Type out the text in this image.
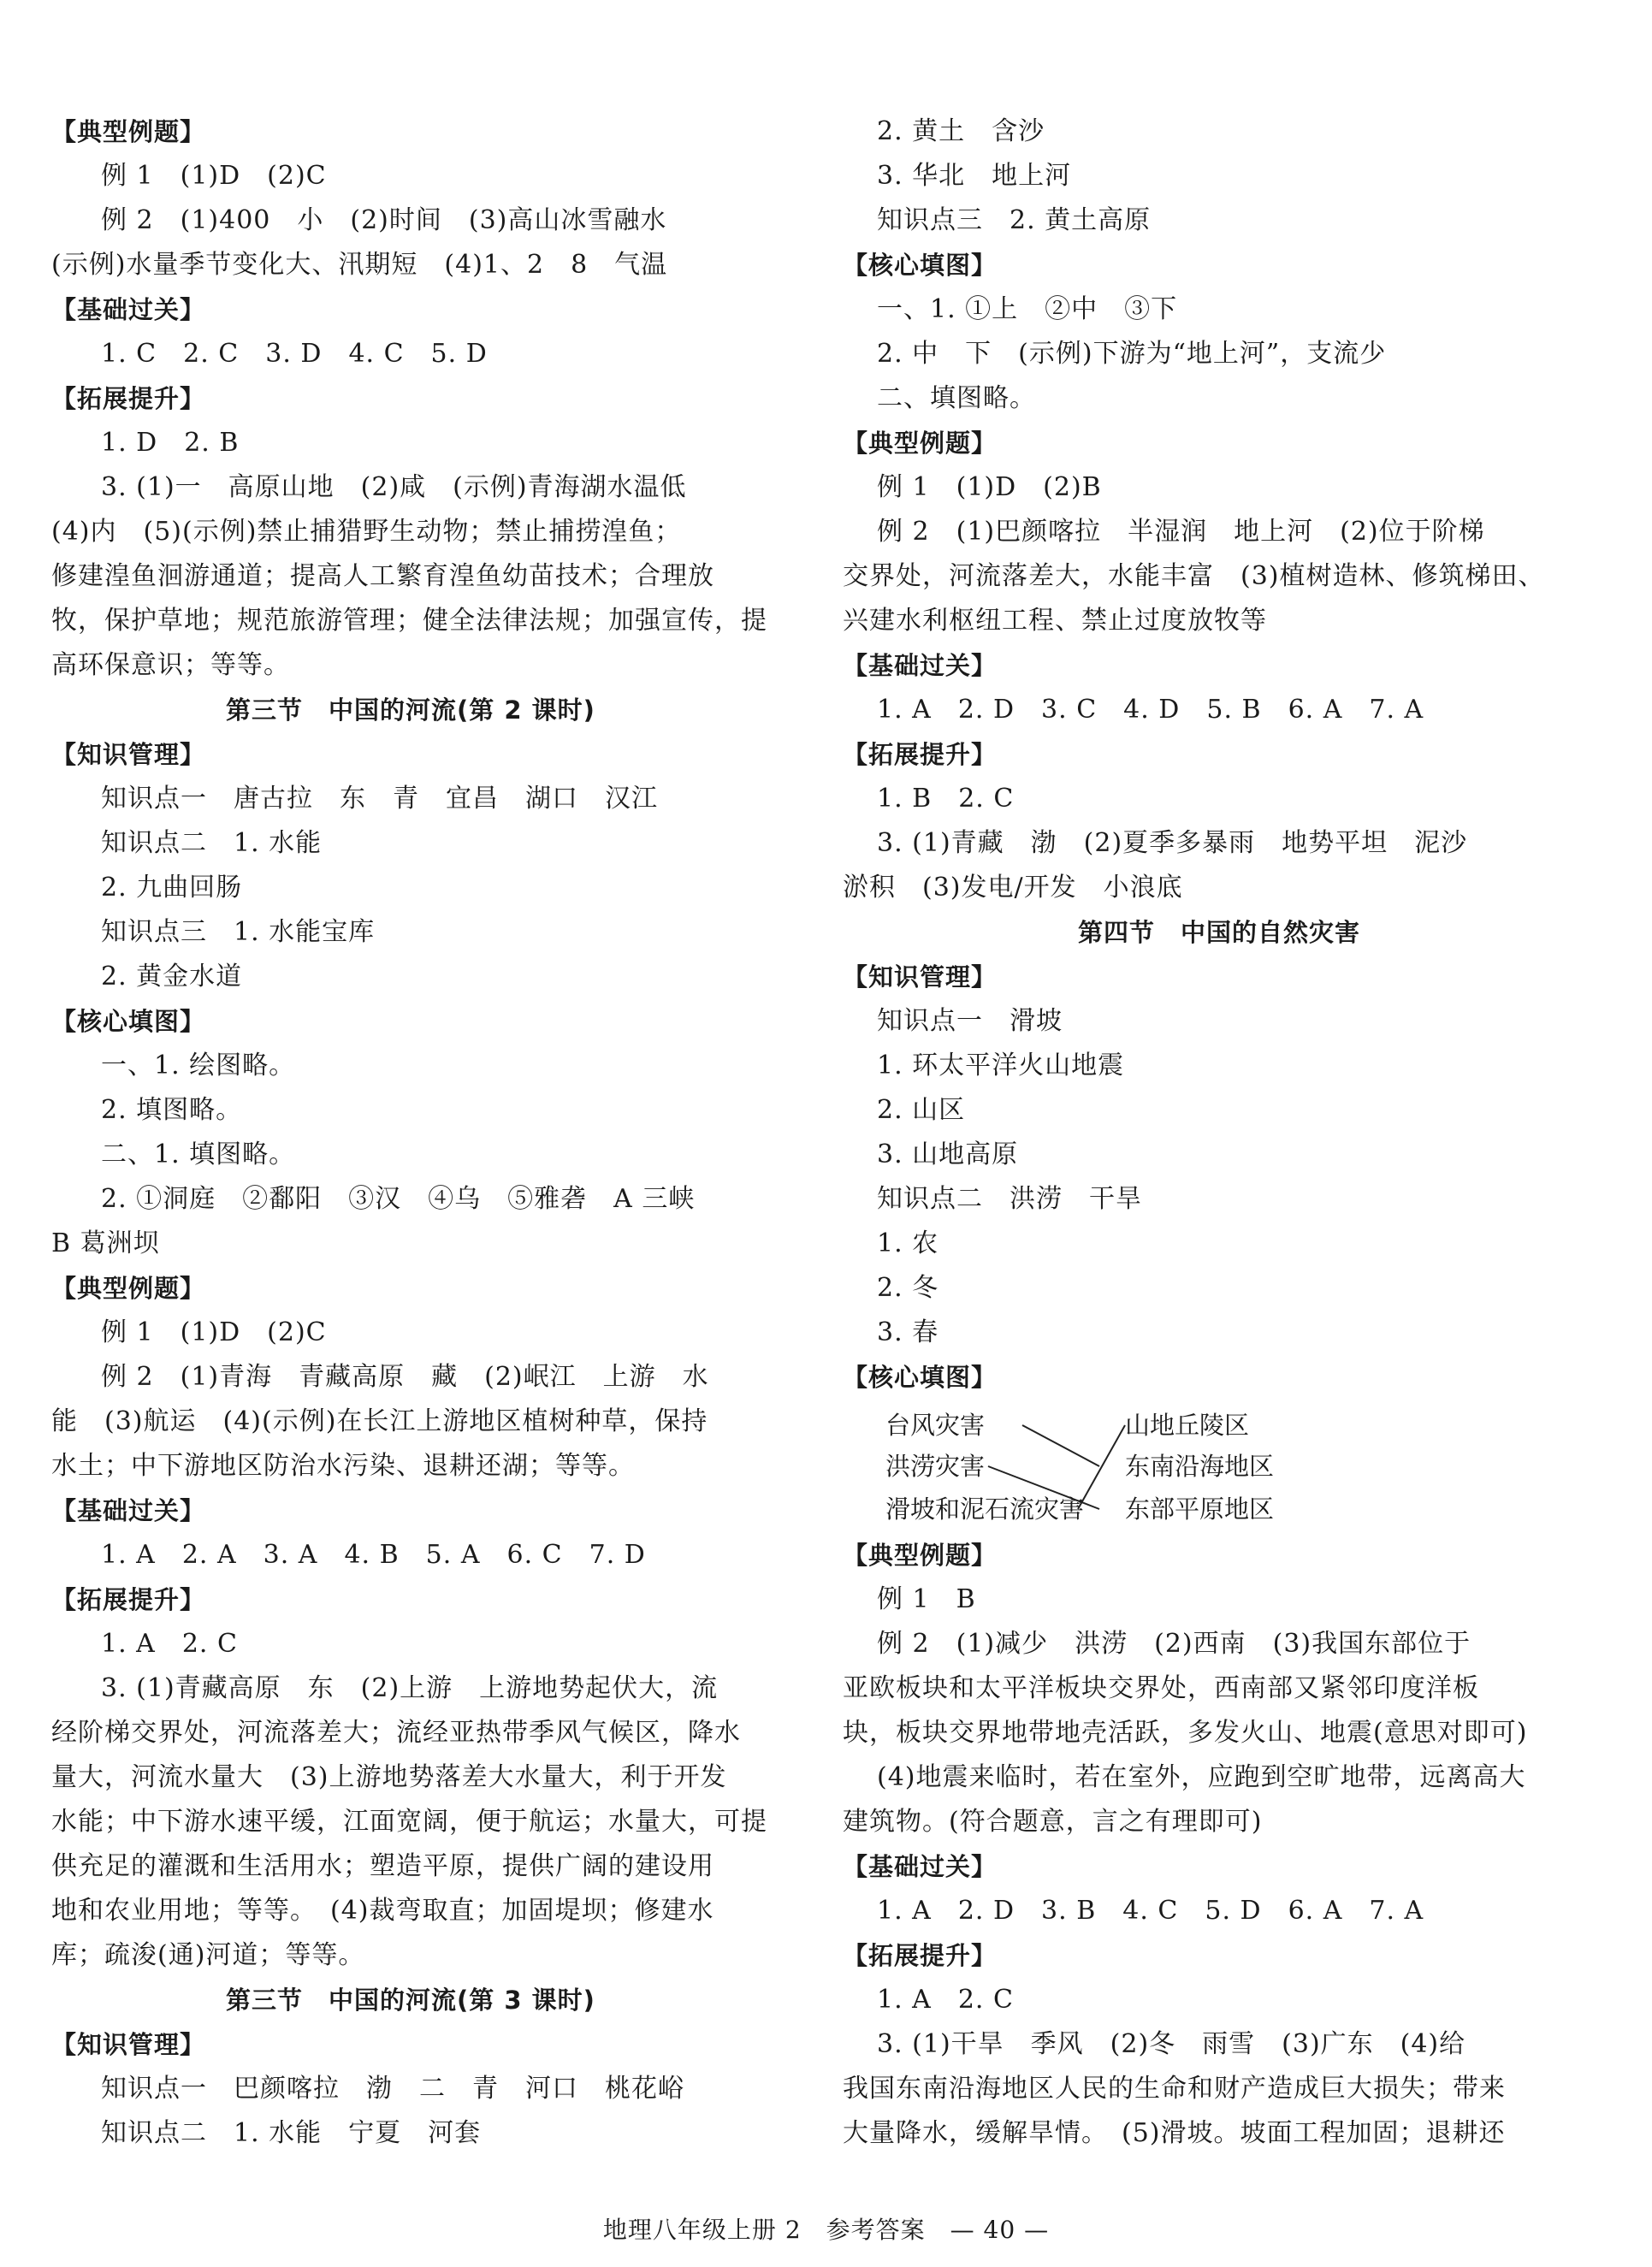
【典型例题】
例 1　(1)D　(2)C
例 2　(1)400　小　(2)时间　(3)高山冰雪融水
(示例)水量季节变化大、汛期短　(4)1、2　8　气温
【基础过关】
1. C　2. C　3. D　4. C　5. D
【拓展提升】
1. D　2. B
3. (1)一　高原山地　(2)咸　(示例)青海湖水温低
(4)内　(5)(示例)禁止捕猎野生动物；禁止捕捞湟鱼；
修建湟鱼洄游通道；提高人工繁育湟鱼幼苗技术；合理放
牧，保护草地；规范旅游管理；健全法律法规；加强宣传，提
高环保意识；等等。
第三节　中国的河流(第 2 课时)
【知识管理】
知识点一　唐古拉　东　青　宜昌　湖口　汉江
知识点二　1. 水能
2. 九曲回肠
知识点三　1. 水能宝库
2. 黄金水道
【核心填图】
一、1. 绘图略。
2. 填图略。
二、1. 填图略。
2. ①洞庭　②鄱阳　③汉　④乌　⑤雅砻　A 三峡
B 葛洲坝
【典型例题】
例 1　(1)D　(2)C
例 2　(1)青海　青藏高原　藏　(2)岷江　上游　水
能　(3)航运　(4)(示例)在长江上游地区植树种草，保持
水土；中下游地区防治水污染、退耕还湖；等等。
【基础过关】
1. A　2. A　3. A　4. B　5. A　6. C　7. D
【拓展提升】
1. A　2. C
3. (1)青藏高原　东　(2)上游　上游地势起伏大，流
经阶梯交界处，河流落差大；流经亚热带季风气候区，降水
量大，河流水量大　(3)上游地势落差大水量大，利于开发
水能；中下游水速平缓，江面宽阔，便于航运；水量大，可提
供充足的灌溉和生活用水；塑造平原，提供广阔的建设用
地和农业用地；等等。　(4)裁弯取直；加固堤坝；修建水
库；疏浚(通)河道；等等。
第三节　中国的河流(第 3 课时)
【知识管理】
知识点一　巴颜喀拉　渤　二　青　河口　桃花峪
知识点二　1. 水能　宁夏　河套
2. 黄土　含沙
3. 华北　地上河
知识点三　2. 黄土高原
【核心填图】
一、1. ①上　②中　③下
2. 中　下　(示例)下游为“地上河”，支流少
二、填图略。
【典型例题】
例 1　(1)D　(2)B
例 2　(1)巴颜喀拉　半湿润　地上河　(2)位于阶梯
交界处，河流落差大，水能丰富　(3)植树造林、修筑梯田、
兴建水利枢纽工程、禁止过度放牧等
【基础过关】
1. A　2. D　3. C　4. D　5. B　6. A　7. A
【拓展提升】
1. B　2. C
3. (1)青藏　渤　(2)夏季多暴雨　地势平坦　泥沙
淤积　(3)发电/开发　小浪底
第四节　中国的自然灾害
【知识管理】
知识点一　滑坡
1. 环太平洋火山地震
2. 山区
3. 山地高原
知识点二　洪涝　干旱
1. 农
2. 冬
3. 春
【核心填图】
台风灾害
洪涝灾害
滑坡和泥石流灾害
山地丘陵区
东南沿海地区
东部平原地区
【典型例题】
例 1　B
例 2　(1)减少　洪涝　(2)西南　(3)我国东部位于
亚欧板块和太平洋板块交界处，西南部又紧邻印度洋板
块，板块交界地带地壳活跃，多发火山、地震(意思对即可)
(4)地震来临时，若在室外，应跑到空旷地带，远离高大
建筑物。(符合题意，言之有理即可)
【基础过关】
1. A　2. D　3. B　4. C　5. D　6. A　7. A
【拓展提升】
1. A　2. C
3. (1)干旱　季风　(2)冬　雨雪　(3)广东　(4)给
我国东南沿海地区人民的生命和财产造成巨大损失；带来
大量降水，缓解旱情。　(5)滑坡。坡面工程加固；退耕还
地理八年级上册 2　参考答案　— 40 —
